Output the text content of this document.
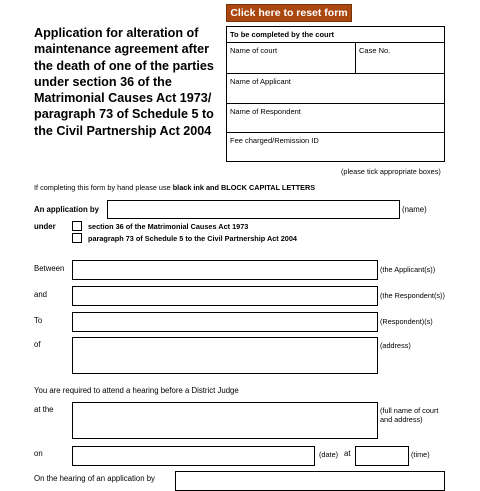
Click here to reset form
Application for alteration of maintenance agreement after the death of one of the parties under section 36 of the Matrimonial Causes Act 1973/ paragraph 73 of Schedule 5 to the Civil Partnership Act 2004
To be completed by the court
Name of court	Case No.
Name of Applicant
Name of Respondent
Fee charged/Remission ID
(please tick appropriate boxes)
If completing this form by hand please use black ink and BLOCK CAPITAL LETTERS
An application by	(name)
under	section 36 of the Matrimonial Causes Act 1973
paragraph 73 of Schedule 5 to the Civil Partnership Act 2004
Between	(the Applicant(s))
and	(the Respondent(s))
To	(Respondent)(s)
of	(address)
You are required to attend a hearing before a District Judge
at the	(full name of court
and address)
on	(date) at	(time)
On the hearing of an application by
